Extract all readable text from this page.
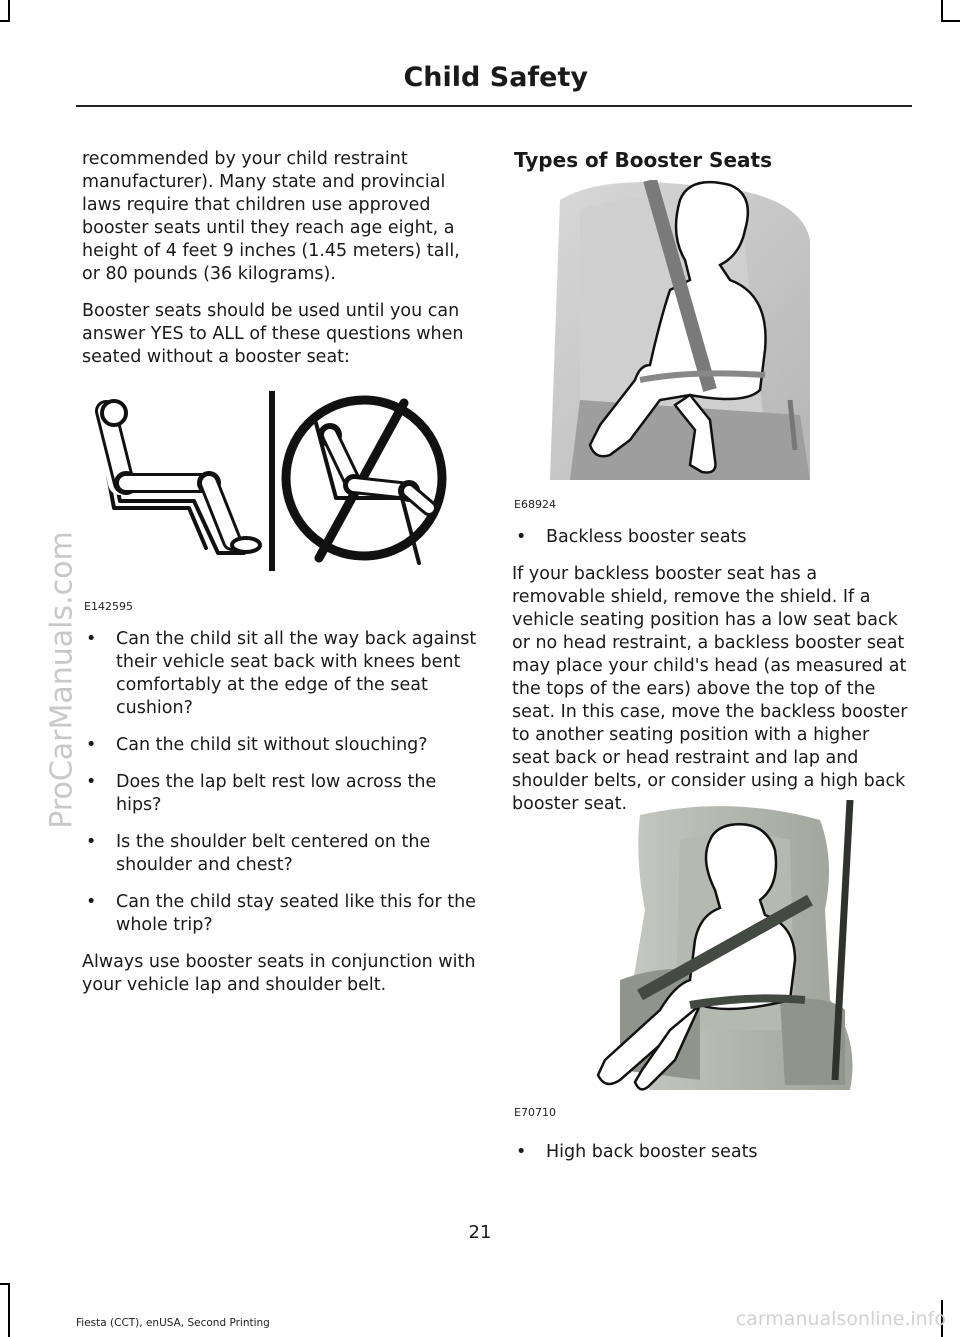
ProCarManuals.com
Child Safety

recommended by your child restraint manufacturer). Many state and provincial laws require that children use approved booster seats until they reach age eight, a height of 4 feet 9 inches (1.45 meters) tall, or 80 pounds (36 kilograms).

Booster seats should be used until you can answer YES to ALL of these questions when seated without a booster seat:

E142595
• Can the child sit all the way back against their vehicle seat back with knees bent comfortably at the edge of the seat cushion?
• Can the child sit without slouching?
• Does the lap belt rest low across the hips?
• Is the shoulder belt centered on the shoulder and chest?
• Can the child stay seated like this for the whole trip?

Always use booster seats in conjunction with your vehicle lap and shoulder belt.

Types of Booster Seats
E68924
• Backless booster seats

If your backless booster seat has a removable shield, remove the shield. If a vehicle seating position has a low seat back or no head restraint, a backless booster seat may place your child's head (as measured at the tops of the ears) above the top of the seat. In this case, move the backless booster to another seating position with a higher seat back or head restraint and lap and shoulder belts, or consider using a high back booster seat.

E70710
• High back booster seats
21
Fiesta (CCT), enUSA, Second Printing	carmanualsonline.info
